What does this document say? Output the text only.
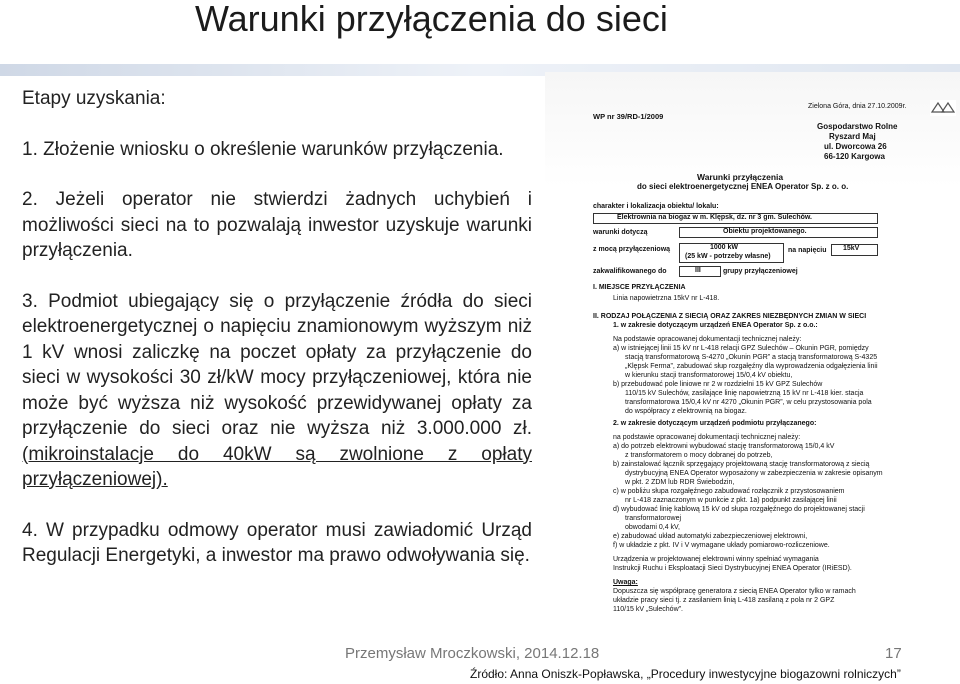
Warunki przyłączenia do sieci

Etapy uzyskania:

1. Złożenie wniosku o określenie warunków przyłączenia.

2. Jeżeli operator nie stwierdzi żadnych uchybień i możliwości sieci na to pozwalają inwestor uzyskuje warunki przyłączenia.

3. Podmiot ubiegający się o przyłączenie źródła do sieci elektroenergetycznej o napięciu znamionowym wyższym niż 1 kV wnosi zaliczkę na poczet opłaty za przyłączenie do sieci w wysokości 30 zł/kW mocy przyłączeniowej, która nie może być wyższa niż wysokość przewidywanej opłaty za przyłączenie do sieci oraz nie wyższa niż 3.000.000 zł. (mikroinstalacje do 40kW są zwolnione z opłaty przyłączeniowej).

4. W przypadku odmowy operator musi zawiadomić Urząd Regulacji Energetyki, a inwestor ma prawo odwoływania się.

Zielona Góra, dnia 27.10.2009r.
WP nr 39/RD-1/2009
Gospodarstwo Rolne
Ryszard Maj
ul. Dworcowa 26
66-120 Kargowa
Warunki przyłączenia
do sieci elektroenergetycznej ENEA Operator Sp. z o. o.
charakter i lokalizacja obiektu/ lokalu:
Elektrownia na biogaz w m. Klępsk, dz. nr 3 gm. Sulechów.
warunki dotyczą	Obiektu projektowanego.
z mocą przyłączeniową	1000 kW
(25 kW - potrzeby własne)
na napięciu 15kV
zakwalifikowanego do	III	grupy przyłączeniowej
I. MIEJSCE PRZYŁĄCZENIA
Linia napowietrzna 15kV nr L-418.
II. RODZAJ POŁĄCZENIA Z SIECIĄ ORAZ ZAKRES NIEZBĘDNYCH ZMIAN W SIECI
1. w zakresie dotyczącym urządzeń ENEA Operator Sp. z o.o.:
Na podstawie opracowanej dokumentacji technicznej należy:
a) w istniejącej linii 15 kV nr L-418 relacji GPZ Sulechów – Okunin PGR, pomiędzy
stacją transformatorową S-4270 „Okunin PGR” a stacją transformatorową S-4325
„Klępsk Ferma”, zabudować słup rozgałęźny dla wyprowadzenia odgałęzienia linii
w kierunku stacji transformatorowej 15/0,4 kV obiektu,
b) przebudować pole liniowe nr 2 w rozdzielni 15 kV GPZ Sulechów
110/15 kV Sulechów, zasilające linię napowietrzną 15 kV nr L-418 kier. stacja
transformatorowa 15/0,4 kV nr 4270 „Okunin PGR”, w celu przystosowania pola
do współpracy z elektrownią na biogaz.
2. w zakresie dotyczącym urządzeń podmiotu przyłączanego:
na podstawie opracowanej dokumentacji technicznej należy:
a) do potrzeb elektrowni wybudować stację transformatorową 15/0,4 kV
z transformatorem o mocy dobranej do potrzeb,
b) zainstalować łącznik sprzęgający projektowaną stację transformatorową z siecią
dystrybucyjną ENEA Operator wyposażony w zabezpieczenia w zakresie opisanym
w pkt. 2 ZDM lub RDR Świebodzin,
c) w pobliżu słupa rozgałęźnego zabudować rozłącznik z przystosowaniem
nr L-418 zaznaczonym w punkcie z pkt. 1a) podpunkt zasilającej linii
d) wybudować linię kablową 15 kV od słupa rozgałęźnego do projektowanej stacji
transformatorowej
obwodami 0,4 kV,
e) zabudować układ automatyki zabezpieczeniowej elektrowni,
f) w układzie z pkt. IV i V wymagane układy pomiarowo-rozliczeniowe.
Urządzenia w projektowanej elektrowni winny spełniać wymagania
Instrukcji Ruchu i Eksploatacji Sieci Dystrybucyjnej ENEA Operator (IRiESD).
Uwaga:
Dopuszcza się współpracę generatora z siecią ENEA Operator tylko w ramach
układzie pracy sieci tj. z zasilaniem linią L-418 zasilaną z pola nr 2 GPZ
110/15 kV „Sulechów”.
Przemysław Mroczkowski, 2014.12.18	17
Źródło: Anna Oniszk-Popławska, „Procedury inwestycyjne biogazowni rolniczych”
